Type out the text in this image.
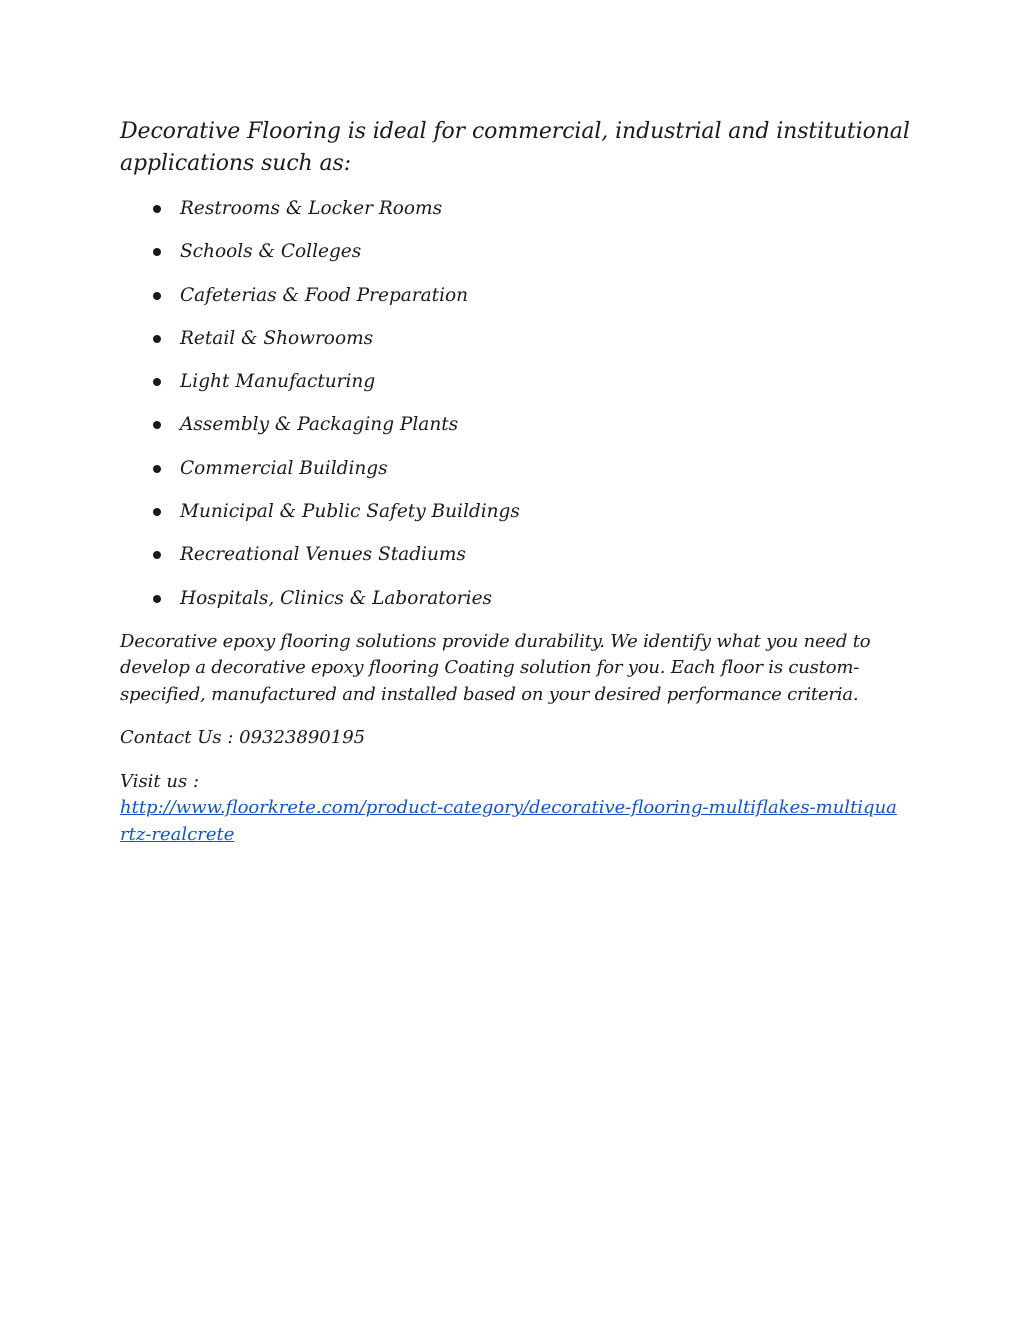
Decorative Flooring is ideal for commercial, industrial and institutional applications such as:
Restrooms & Locker Rooms
Schools & Colleges
Cafeterias & Food Preparation
Retail & Showrooms
Light Manufacturing
Assembly & Packaging Plants
Commercial Buildings
Municipal & Public Safety Buildings
Recreational Venues Stadiums
Hospitals, Clinics & Laboratories

Decorative epoxy flooring solutions provide durability. We identify what you need to develop a decorative epoxy flooring Coating solution for you. Each floor is custom-specified, manufactured and installed based on your desired performance criteria.

Contact Us : 09323890195

Visit us :
http://www.floorkrete.com/product-category/decorative-flooring-multiflakes-multiquartz-realcrete
